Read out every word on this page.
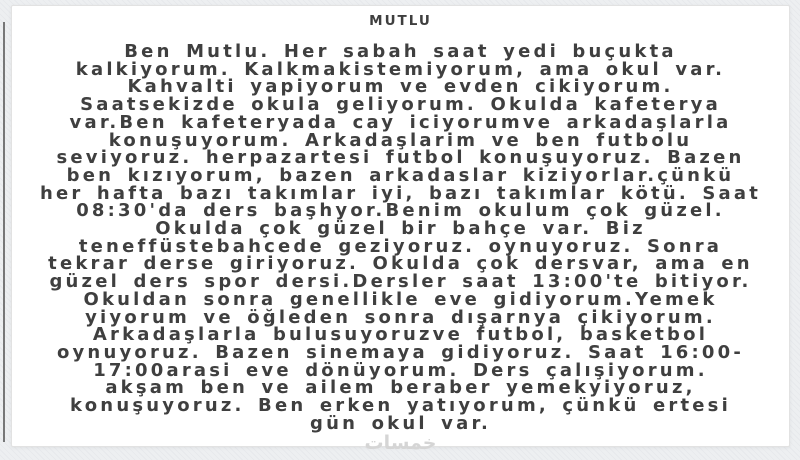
MUTLU
Ben Mutlu. Her sabah saat yedi buçukta
kalkiyorum. Kalkmakistemiyorum, ama okul var.
Kahvalti yapiyorum ve evden cikiyorum.
Saatsekizde okula geliyorum. Okulda kafeterya
var.Ben kafeteryada cay iciyorumve arkadaşlarla
konuşuyorum. Arkadaşlarim ve ben futbolu
seviyoruz. herpazartesi futbol konuşuyoruz. Bazen
ben kızıyorum, bazen arkadaslar kiziyorlar.çünkü
her hafta bazı takımlar iyi, bazı takımlar kötü. Saat
08:30'da ders başhyor.Benim okulum çok güzel.
Okulda çok güzel bir bahçe var. Biz
teneffüstebahcede geziyoruz. oynuyoruz. Sonra
tekrar derse giriyoruz. Okulda çok dersvar, ama en
güzel ders spor dersi.Dersler saat 13:00'te bitiyor.
Okuldan sonra genellikle eve gidiyorum.Yemek
yiyorum ve öğleden sonra dışarnya çikiyorum.
Arkadaşlarla bulusuyoruzve futbol, basketbol
oynuyoruz. Bazen sinemaya gidiyoruz. Saat 16:00-
17:00arasi eve dönüyorum. Ders çalışiyorum.
akşam ben ve ailem beraber yemekyiyoruz,
konuşuyoruz. Ben erken yatıyorum, çünkü ertesi
gün okul var.
خمسات
